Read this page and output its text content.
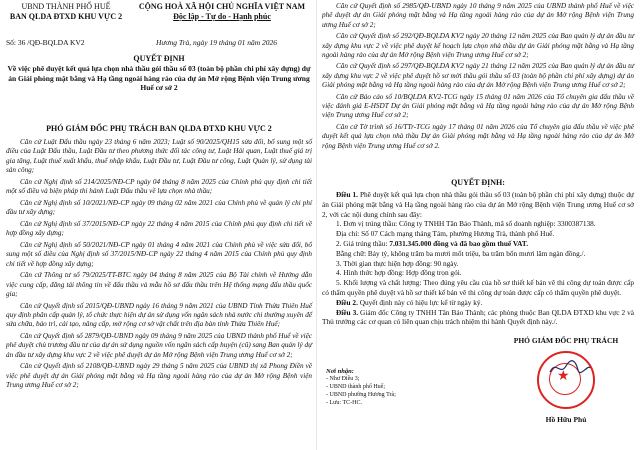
UBND THÀNH PHỐ HUẾ
BAN QLDA ĐTXD KHU VỰC 2
CỘNG HOÀ XÃ HỘI CHỦ NGHĨA VIỆT NAM
Độc lập - Tự do - Hạnh phúc
Số: 36 /QĐ-BQLDA KV2	Hương Trà, ngày 19 tháng 01 năm 2026
QUYẾT ĐỊNH
Về việc phê duyệt kết quả lựa chọn nhà thầu gói thầu số 03 (toàn bộ phần chi phí xây dựng) dự án Giải phóng mặt bằng và Hạ tầng ngoài hàng rào của dự án Mở rộng Bệnh viện Trung ương Huế cơ sở 2
PHÓ GIÁM ĐỐC PHỤ TRÁCH BAN QLDA ĐTXD KHU VỰC 2

Căn cứ Luật Đấu thầu ngày 23 tháng 6 năm 2023; Luật số 90/2025/QH15 sửa đổi, bổ sung một số điều của Luật Đấu thầu, Luật Đầu tư theo phương thức đối tác công tư, Luật Hải quan, Luật thuế giá trị gia tăng, Luật thuế xuất khẩu, thuế nhập khẩu, Luật Đầu tư, Luật Đầu tư công, Luật Quản lý, sử dụng tài sản công;

Căn cứ Nghị định số 214/2025/NĐ-CP ngày 04 tháng 8 năm 2025 của Chính phủ quy định chi tiết một số điều và biện pháp thi hành Luật Đấu thầu về lựa chọn nhà thầu;

Căn cứ Nghị định số 10/2021/NĐ-CP ngày 09 tháng 02 năm 2021 của Chính phủ về quản lý chi phí đầu tư xây dựng;

Căn cứ Nghị định số 37/2015/NĐ-CP ngày 22 tháng 4 năm 2015 của Chính phủ quy định chi tiết về hợp đồng xây dựng;

Căn cứ Nghị định số 50/2021/NĐ-CP ngày 01 tháng 4 năm 2021 của Chính phủ về việc sửa đổi, bổ sung một số điều của Nghị định số 37/2015/NĐ-CP ngày 22 tháng 4 năm 2015 của Chính phủ quy định chi tiết về hợp đồng xây dựng;

Căn cứ Thông tư số 79/2025/TT-BTC ngày 04 tháng 8 năm 2025 của Bộ Tài chính về Hướng dẫn việc cung cấp, đăng tải thông tin về đấu thầu và mẫu hồ sơ đấu thầu trên Hệ thống mạng đấu thầu quốc gia;

Căn cứ Quyết định số 2015/QĐ-UBND ngày 16 tháng 9 năm 2021 của UBND Tỉnh Thừa Thiên Huế quy định phân cấp quản lý, tổ chức thực hiện dự án sử dụng vốn ngân sách nhà nước chi thường xuyên để sửa chữa, bảo trì, cải tạo, nâng cấp, mở rộng cơ sở vật chất trên địa bàn tỉnh Thừa Thiên Huế;

Căn cứ Quyết định số 2879/QĐ-UBND ngày 09 tháng 9 năm 2025 của UBND thành phố Huế về việc phê duyệt chủ trương đầu tư của dự án sử dụng nguồn vốn ngân sách cấp huyện (cũ) sang Ban quản lý dự án đầu tư xây dựng khu vực 2 về việc phê duyệt dự án Mở rộng Bệnh viện Trung ương Huế cơ sở 2;

Căn cứ Quyết định số 2108/QĐ-UBND ngày 29 tháng 5 năm 2025 của UBND thị xã Phong Điền về việc phê duyệt dự án Giải phóng mặt bằng và Hạ tầng ngoài hàng rào của dự án Mở rộng Bệnh viện Trung ương Huế cơ sở 2;

Căn cứ Quyết định số 2985/QĐ-UBND ngày 10 tháng 9 năm 2025 của UBND thành phố Huế về việc phê duyệt dự án Giải phóng mặt bằng và Hạ tầng ngoài hàng rào của dự án Mở rộng Bệnh viện Trung ương Huế cơ sở 2;

Căn cứ Quyết định số 292/QĐ-BQLDA KV2 ngày 20 tháng 12 năm 2025 của Ban quản lý dự án đầu tư xây dựng khu vực 2 về việc phê duyệt kế hoạch lựa chọn nhà thầu dự án Giải phóng mặt bằng và Hạ tầng ngoài hàng rào của dự án Mở rộng Bệnh viện Trung ương Huế cơ sở 2;

Căn cứ Quyết định số 297/QĐ-BQLDA KV2 ngày 21 tháng 12 năm 2025 của Ban quản lý dự án đầu tư xây dựng khu vực 2 về việc phê duyệt hồ sơ mời thầu gói thầu số 03 (toàn bộ phần chi phí xây dựng) dự án Giải phóng mặt bằng và Hạ tầng ngoài hàng rào của dự án Mở rộng Bệnh viện Trung ương Huế cơ sở 2;

Căn cứ Báo cáo số 10/BQLDA KV2-TCG ngày 15 tháng 01 năm 2026 của Tổ chuyên gia đấu thầu về việc đánh giá E-HSDT Dự án Giải phóng mặt bằng và Hạ tầng ngoài hàng rào của dự án Mở rộng Bệnh viện Trung ương Huế cơ sở 2;

Căn cứ Tờ trình số 16/TTr-TCG ngày 17 tháng 01 năm 2026 của Tổ chuyên gia đấu thầu về việc phê duyệt kết quả lựa chọn nhà thầu Dự án Giải phóng mặt bằng và Hạ tầng ngoài hàng rào của dự án Mở rộng Bệnh viện Trung ương Huế cơ sở 2.

QUYẾT ĐỊNH:

Điều 1. Phê duyệt kết quả lựa chọn nhà thầu gói thầu số 03 (toàn bộ phần chi phí xây dựng) thuộc dự án Giải phóng mặt bằng và Hạ tầng ngoài hàng rào của dự án Mở rộng Bệnh viện Trung ương Huế cơ sở 2, với các nội dung chính sau đây:

1. Đơn vị trúng thầu: Công ty TNHH Tân Bảo Thành, mã số doanh nghiệp: 3300387138.

Địa chỉ: Số 07 Cách mạng tháng Tám, phường Hương Trà, thành phố Huế.

2. Giá trúng thầu: 7.031.345.000 đồng và đã bao gồm thuế VAT.

Bằng chữ: Bảy tỷ, không trăm ba mươi mốt triệu, ba trăm bốn mươi lăm ngàn đồng./.

3. Thời gian thực hiện hợp đồng: 90 ngày.

4. Hình thức hợp đồng: Hợp đồng trọn gói.

5. Khối lượng và chất lượng: Theo đúng yêu cầu của hồ sơ thiết kế bản vẽ thi công dự toán được cấp có thẩm quyền phê duyệt và hồ sơ thiết kế bản vẽ thi công dự toán được cấp có thẩm quyền phê duyệt.

Điều 2. Quyết định này có hiệu lực kể từ ngày ký.

Điều 3. Giám đốc Công ty TNHH Tân Bảo Thành; các phòng thuộc Ban QLDA ĐTXD khu vực 2 và Thủ trưởng các cơ quan có liên quan chịu trách nhiệm thi hành Quyết định này./.

Nơi nhận:
- Như Điều 3;
- UBND thành phố Huế;
- UBND phường Hương Trà;
- Lưu: TC-HC.
PHÓ GIÁM ĐỐC PHỤ TRÁCH
★
Hồ Hữu Phú
